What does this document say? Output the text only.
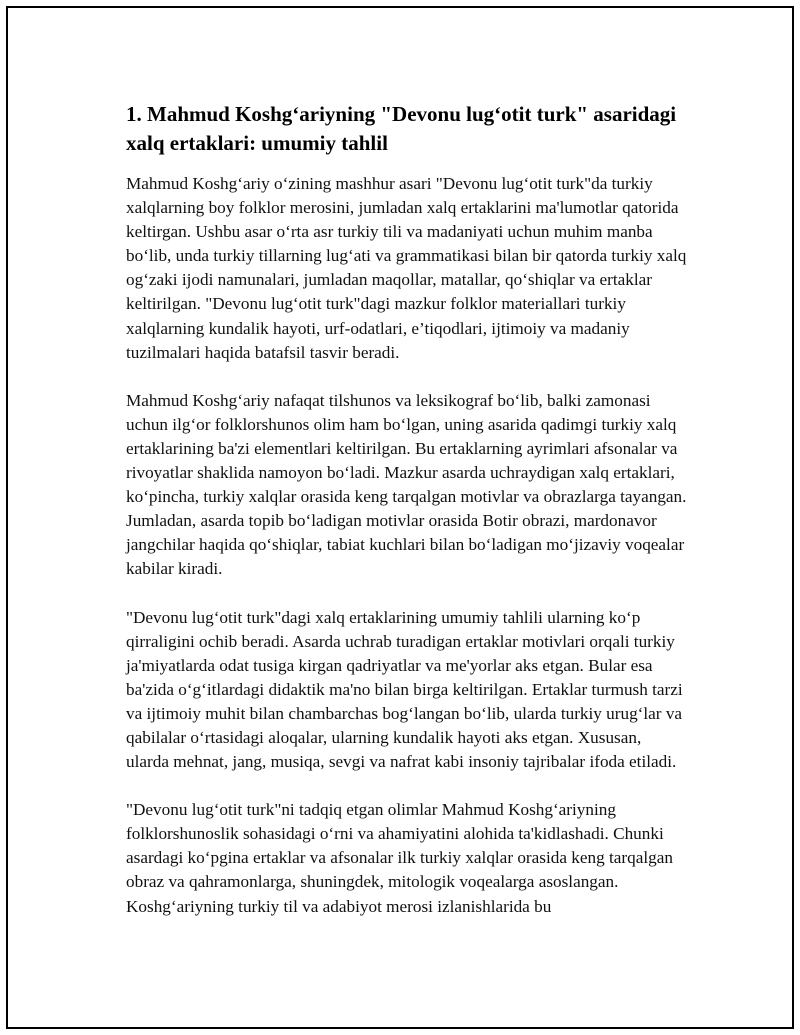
1. Mahmud Koshg‘ariyning "Devonu lug‘otit turk" asaridagi xalq ertaklari: umumiy tahlil

Mahmud Koshg‘ariy o‘zining mashhur asari "Devonu lug‘otit turk"da turkiy xalqlarning boy folklor merosini, jumladan xalq ertaklarini ma'lumotlar qatorida keltirgan. Ushbu asar o‘rta asr turkiy tili va madaniyati uchun muhim manba bo‘lib, unda turkiy tillarning lug‘ati va grammatikasi bilan bir qatorda turkiy xalq og‘zaki ijodi namunalari, jumladan maqollar, matallar, qo‘shiqlar va ertaklar keltirilgan. "Devonu lug‘otit turk"dagi mazkur folklor materiallari turkiy xalqlarning kundalik hayoti, urf-odatlari, e’tiqodlari, ijtimoiy va madaniy tuzilmalari haqida batafsil tasvir beradi.

Mahmud Koshg‘ariy nafaqat tilshunos va leksikograf bo‘lib, balki zamonasi uchun ilg‘or folklorshunos olim ham bo‘lgan, uning asarida qadimgi turkiy xalq ertaklarining ba'zi elementlari keltirilgan. Bu ertaklarning ayrimlari afsonalar va rivoyatlar shaklida namoyon bo‘ladi. Mazkur asarda uchraydigan xalq ertaklari, ko‘pincha, turkiy xalqlar orasida keng tarqalgan motivlar va obrazlarga tayangan. Jumladan, asarda topib bo‘ladigan motivlar orasida Botir obrazi, mardonavor jangchilar haqida qo‘shiqlar, tabiat kuchlari bilan bo‘ladigan mo‘jizaviy voqealar kabilar kiradi.

"Devonu lug‘otit turk"dagi xalq ertaklarining umumiy tahlili ularning ko‘p qirraligini ochib beradi. Asarda uchrab turadigan ertaklar motivlari orqali turkiy ja'miyatlarda odat tusiga kirgan qadriyatlar va me'yorlar aks etgan. Bular esa ba'zida o‘g‘itlardagi didaktik ma'no bilan birga keltirilgan. Ertaklar turmush tarzi va ijtimoiy muhit bilan chambarchas bog‘langan bo‘lib, ularda turkiy urug‘lar va qabilalar o‘rtasidagi aloqalar, ularning kundalik hayoti aks etgan. Xususan, ularda mehnat, jang, musiqa, sevgi va nafrat kabi insoniy tajribalar ifoda etiladi.

"Devonu lug‘otit turk"ni tadqiq etgan olimlar Mahmud Koshg‘ariyning folklorshunoslik sohasidagi o‘rni va ahamiyatini alohida ta'kidlashadi. Chunki asardagi ko‘pgina ertaklar va afsonalar ilk turkiy xalqlar orasida keng tarqalgan obraz va qahramonlarga, shuningdek, mitologik voqealarga asoslangan. Koshg‘ariyning turkiy til va adabiyot merosi izlanishlarida bu
